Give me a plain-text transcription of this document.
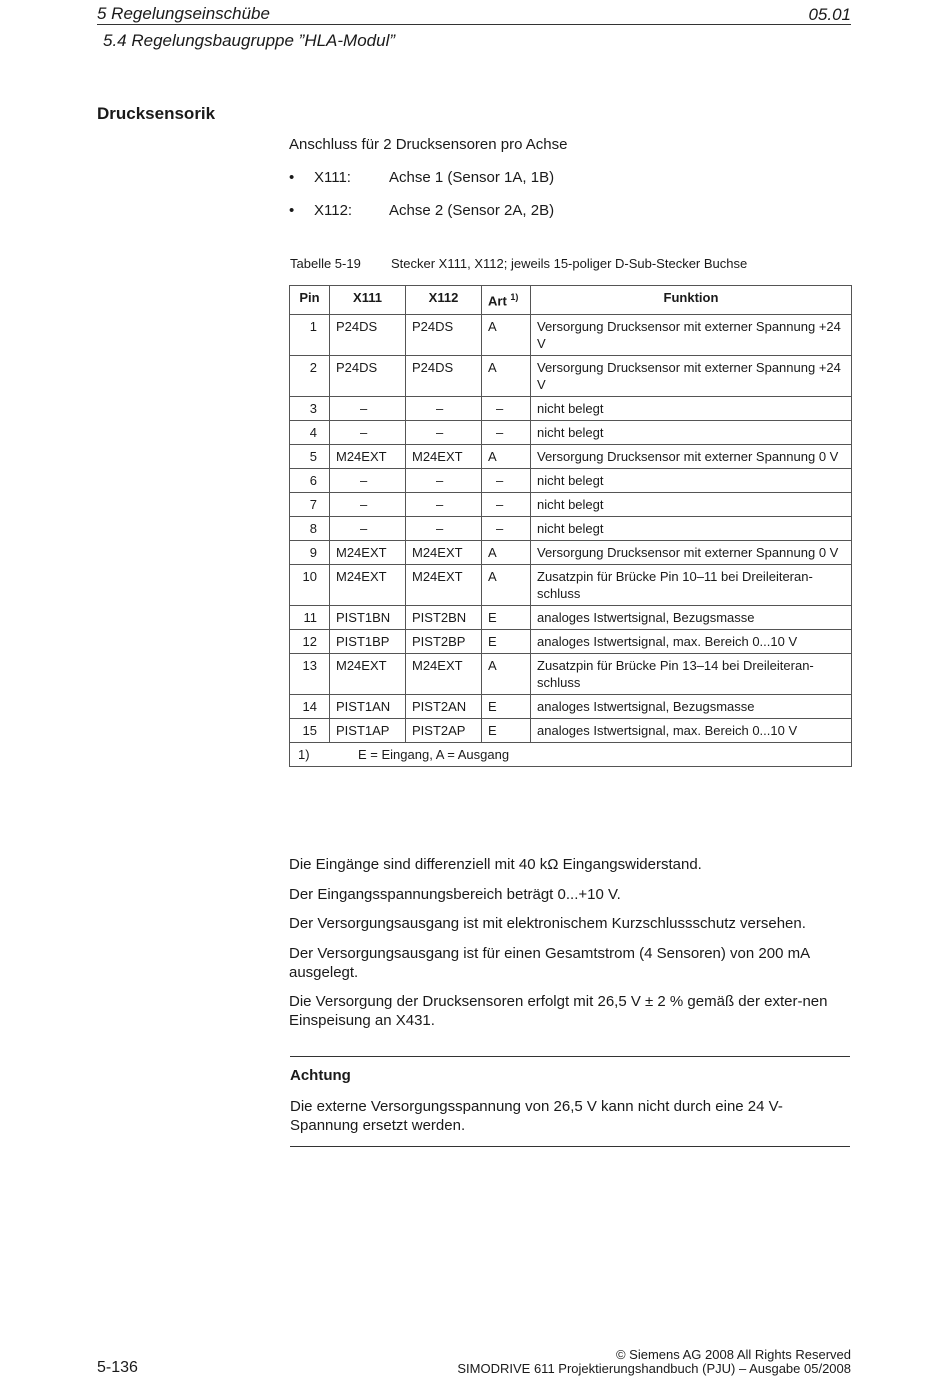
5 Regelungseinschübe	05.01
5.4 Regelungsbaugruppe ”HLA-Modul”
Drucksensorik
Anschluss für 2 Drucksensoren pro Achse
• X111:	Achse 1 (Sensor 1A, 1B)
• X112: Achse 2 (Sensor 2A, 2B)
Tabelle 5-19 Stecker X111, X112; jeweils 15-poliger D-Sub-Stecker Buchse
Pin	X111	X112	Art $^{1)}$	Funktion
1	P24DS	P24DS	A	Versorgung Drucksensor mit externer Spannung +24 V
2	P24DS	P24DS	A	Versorgung Drucksensor mit externer Spannung +24 V
3	–	–	–	nicht belegt
4	–	–	–	nicht belegt
5	M24EXT	M24EXT	A	Versorgung Drucksensor mit externer Spannung 0 V
6	–	–	–	nicht belegt
7	–	–	–	nicht belegt
8	–	–	–	nicht belegt
9	M24EXT	M24EXT	A	Versorgung Drucksensor mit externer Spannung 0 V
10	M24EXT	M24EXT	A	Zusatzpin für Brücke Pin 10–11 bei Dreileiteran-schluss
11	PIST1BN	PIST2BN	E	analoges Istwertsignal, Bezugsmasse
12	PIST1BP	PIST2BP	E	analoges Istwertsignal, max. Bereich 0...10 V
13	M24EXT	M24EXT	A	Zusatzpin für Brücke Pin 13–14 bei Dreileiteran-schluss
14	PIST1AN	PIST2AN	E	analoges Istwertsignal, Bezugsmasse
15	PIST1AP	PIST2AP	E	analoges Istwertsignal, max. Bereich 0...10 V
1) E = Eingang, A = Ausgang				
Die Eingänge sind differenziell mit 40 kΩ Eingangswiderstand.
Der Eingangsspannungsbereich beträgt 0...+10 V.
Der Versorgungsausgang ist mit elektronischem Kurzschlussschutz versehen.
Der Versorgungsausgang ist für einen Gesamtstrom (4 Sensoren) von 200 mA ausgelegt.
Die Versorgung der Drucksensoren erfolgt mit 26,5 V ± 2 % gemäß der exter-nen Einspeisung an X431.
Achtung
Die externe Versorgungsspannung von 26,5 V kann nicht durch eine 24 V-Spannung ersetzt werden.
5-136
© Siemens AG 2008 All Rights Reserved
SIMODRIVE 611 Projektierungshandbuch (PJU) – Ausgabe 05/2008
